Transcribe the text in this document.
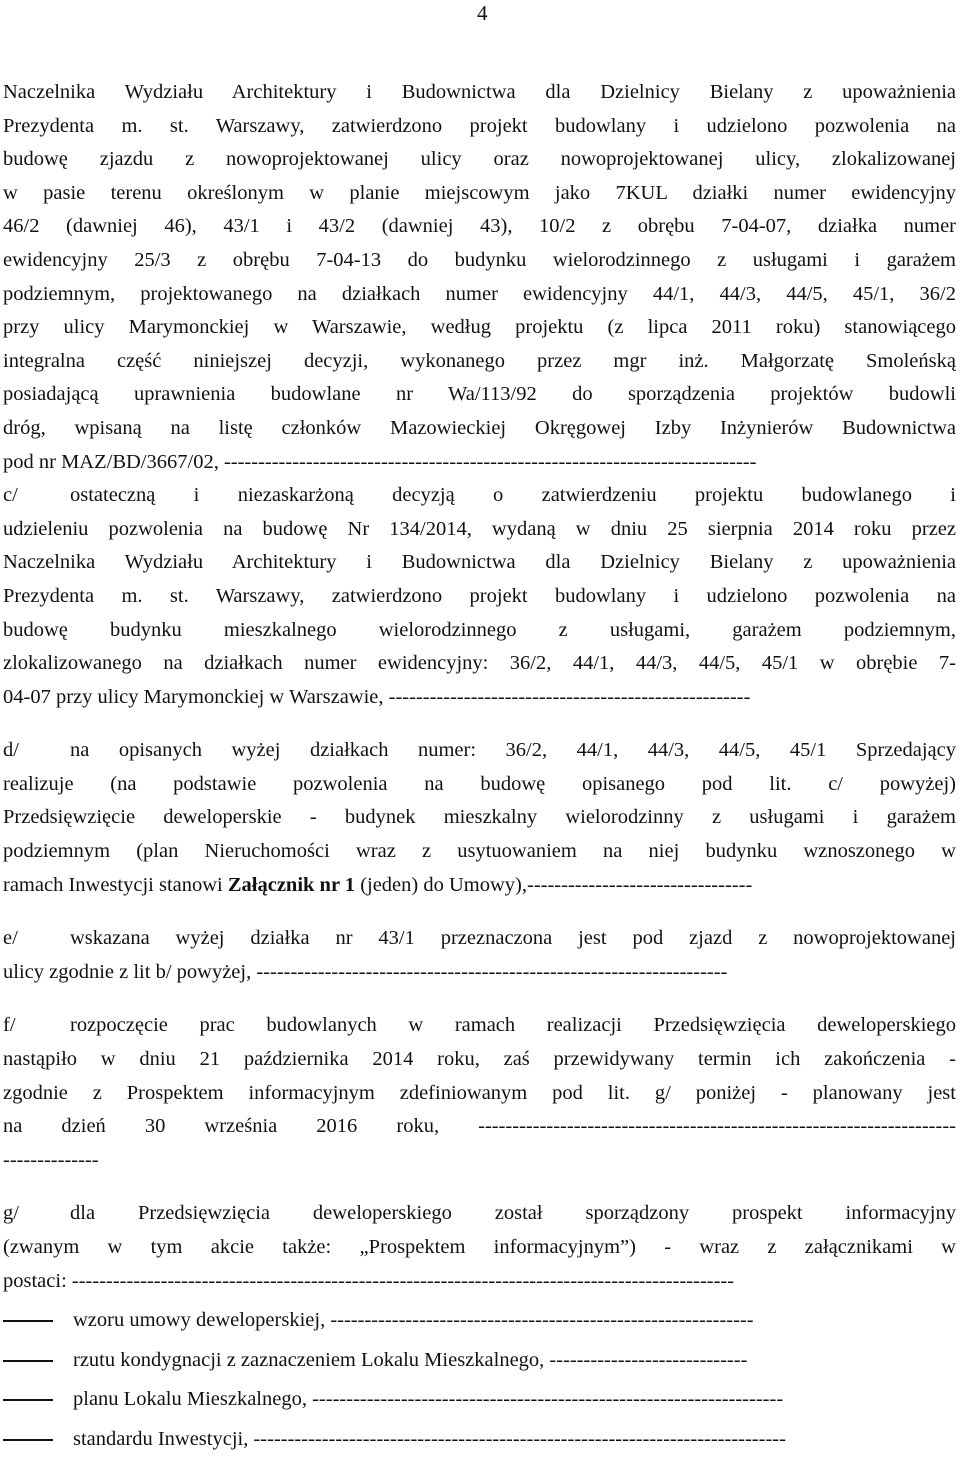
4
Naczelnika Wydziału Architektury i Budownictwa dla Dzielnicy Bielany z upoważnienia
Prezydenta m. st. Warszawy, zatwierdzono projekt budowlany i udzielono pozwolenia na
budowę zjazdu z nowoprojektowanej ulicy oraz nowoprojektowanej ulicy, zlokalizowanej
w pasie terenu określonym w planie miejscowym jako 7KUL działki numer ewidencyjny
46/2 (dawniej 46), 43/1 i 43/2 (dawniej 43), 10/2 z obrębu 7-04-07, działka numer
ewidencyjny 25/3 z obrębu 7-04-13 do budynku wielorodzinnego z usługami i garażem
podziemnym, projektowanego na działkach numer ewidencyjny 44/1, 44/3, 44/5, 45/1, 36/2
przy ulicy Marymonckiej w Warszawie, według projektu (z lipca 2011 roku) stanowiącego
integralna część niniejszej decyzji, wykonanego przez mgr inż. Małgorzatę Smoleńską
posiadającą uprawnienia budowlane nr Wa/113/92 do sporządzenia projektów budowli
dróg, wpisaną na listę członków Mazowieckiej Okręgowej Izby Inżynierów Budownictwa
pod nr MAZ/BD/3667/02, ------------------------------------------------------------------------------
c/	ostateczną i niezaskarżoną decyzją o zatwierdzeniu projektu budowlanego i
udzieleniu pozwolenia na budowę Nr 134/2014, wydaną w dniu 25 sierpnia 2014 roku przez
Naczelnika Wydziału Architektury i Budownictwa dla Dzielnicy Bielany z upoważnienia
Prezydenta m. st. Warszawy, zatwierdzono projekt budowlany i udzielono pozwolenia na
budowę budynku mieszkalnego wielorodzinnego z usługami, garażem podziemnym,
zlokalizowanego na działkach numer ewidencyjny: 36/2, 44/1, 44/3, 44/5, 45/1 w obrębie 7-
04-07 przy ulicy Marymonckiej w Warszawie, -----------------------------------------------------
d/ na opisanych wyżej działkach numer: 36/2, 44/1, 44/3, 44/5, 45/1 Sprzedający
realizuje (na podstawie pozwolenia na budowę opisanego pod lit. c/ powyżej)
Przedsięwzięcie deweloperskie - budynek mieszkalny wielorodzinny z usługami i garażem
podziemnym (plan Nieruchomości wraz z usytuowaniem na niej budynku wznoszonego w
ramach Inwestycji stanowi Załącznik nr 1 (jeden) do Umowy),---------------------------------
e/	wskazana wyżej działka nr 43/1 przeznaczona jest pod zjazd z nowoprojektowanej
ulicy zgodnie z lit b/ powyżej, ---------------------------------------------------------------------
f/	rozpoczęcie prac budowlanych w ramach realizacji Przedsięwzięcia deweloperskiego
nastąpiło w dniu 21 października 2014 roku, zaś przewidywany termin ich zakończenia -
zgodnie z Prospektem informacyjnym zdefiniowanym pod lit. g/ poniżej - planowany jest
na dzień 30 września 2016 roku, ----------------------------------------------------------------------
--------------
g/ dla Przedsięwzięcia deweloperskiego został sporządzony prospekt informacyjny
(zwanym w tym akcie także: „Prospektem informacyjnym”) - wraz z załącznikami w
postaci: -------------------------------------------------------------------------------------------------
wzoru umowy deweloperskiej, --------------------------------------------------------------
rzutu kondygnacji z zaznaczeniem Lokalu Mieszkalnego, -----------------------------
planu Lokalu Mieszkalnego, ---------------------------------------------------------------------
standardu Inwestycji, ------------------------------------------------------------------------------
